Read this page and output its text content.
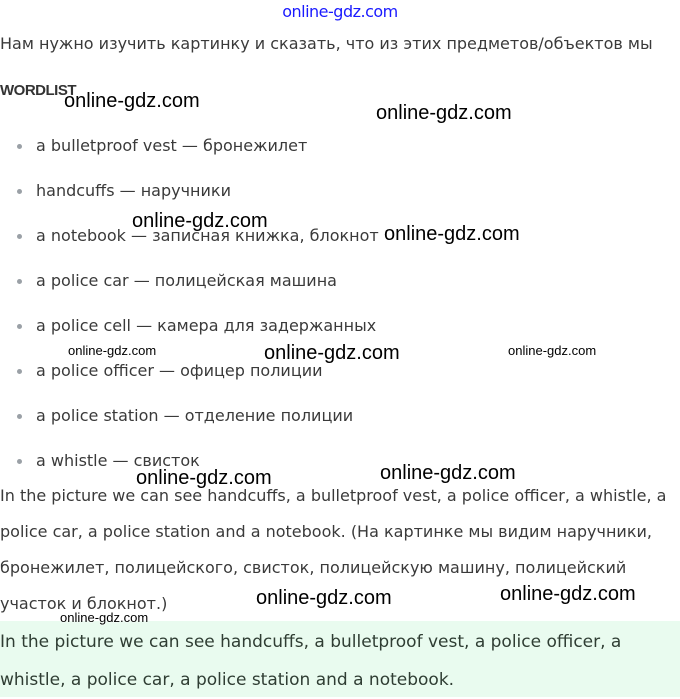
online-gdz.com
Нам нужно изучить картинку и сказать, что из этих предметов/объектов мы
WORDLIST
a bulletproof vest — бронежилет
handcuffs — наручники
a notebook — записная книжка, блокнот
a police car — полицейская машина
a police cell — камера для задержанных
a police officer — офицер полиции
a police station — отделение полиции
a whistle — свисток
In the picture we can see handcuffs, a bulletproof vest, a police officer, a whistle, a police car, a police station and a notebook. (На картинке мы видим наручники, бронежилет, полицейского, свисток, полицейскую машину, полицейский участок и блокнот.)
In the picture we can see handcuffs, a bulletproof vest, a police officer, a whistle, a police car, a police station and a notebook.
online-gdz.com
online-gdz.com
online-gdz.com
online-gdz.com
online-gdz.com	online-gdz.com	online-gdz.com
online-gdz.com	online-gdz.com
online-gdz.com	online-gdz.com
online-gdz.com
